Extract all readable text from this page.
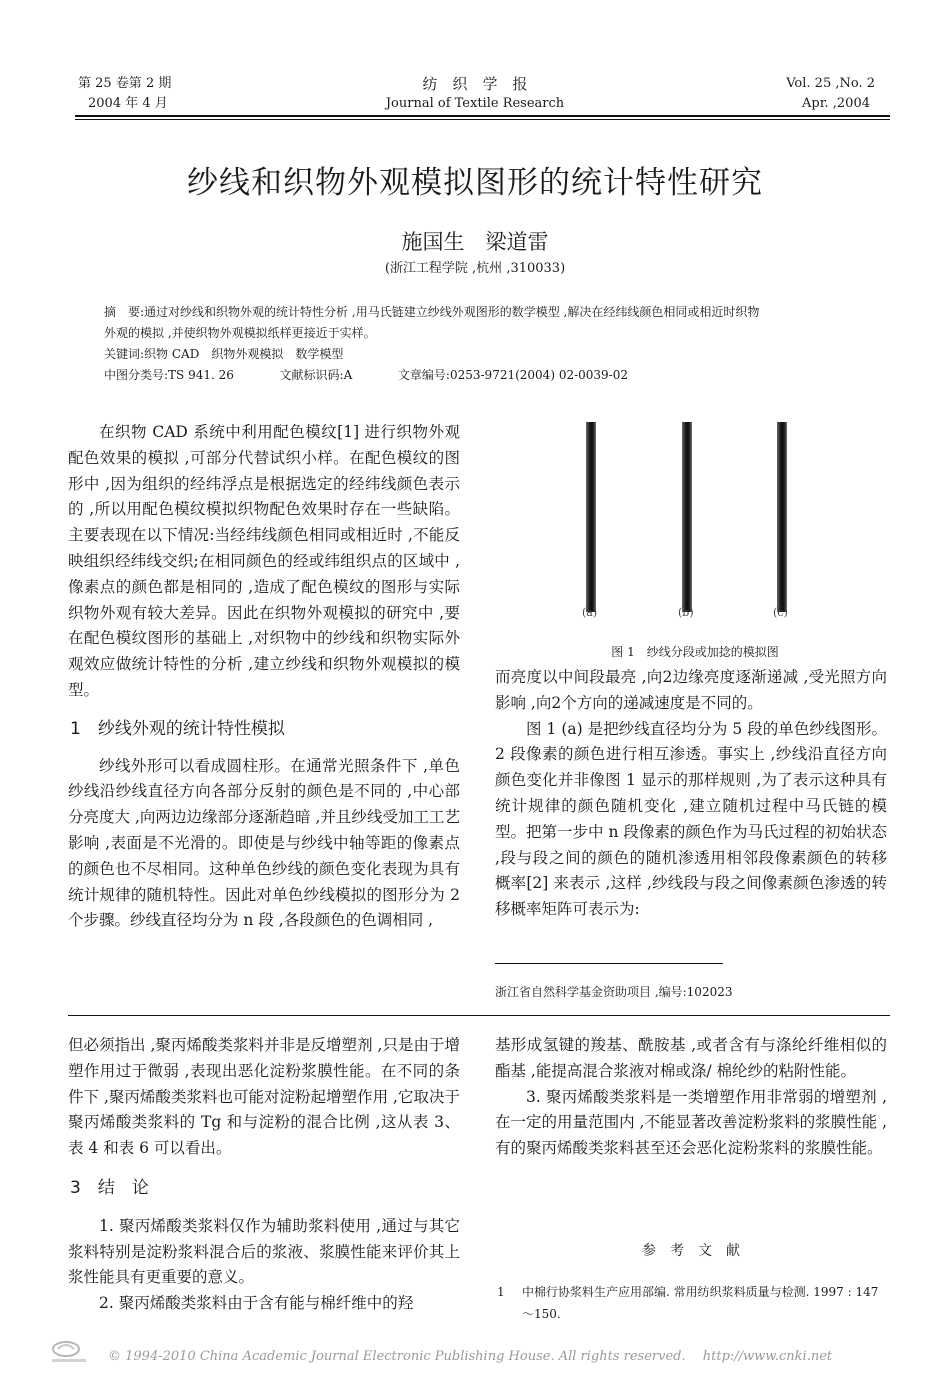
第 25 卷第 2 期
2004 年 4 月
纺　织　学　报
Journal of Textile Research
Vol. 25 ,No. 2
Apr. ,2004
纱线和织物外观模拟图形的统计特性研究
施国生　梁道雷
(浙江工程学院 ,杭州 ,310033)
摘　要:通过对纱线和织物外观的统计特性分析 ,用马氏链建立纱线外观图形的数学模型 ,解决在经纬线颜色相同或相近时织物
外观的模拟 ,并使织物外观模拟纸样更接近于实样。
关键词:织物 CAD　织物外观模拟　数学模型
中图分类号:TS 941. 26	文献标识码:A	文章编号:0253-9721(2004) 02-0039-02

在织物 CAD 系统中利用配色模纹[1] 进行织物外观配色效果的模拟 ,可部分代替试织小样。在配色模纹的图形中 ,因为组织的经纬浮点是根据选定的经纬线颜色表示的 ,所以用配色模纹模拟织物配色效果时存在一些缺陷。主要表现在以下情况:当经纬线颜色相同或相近时 ,不能反映组织经纬线交织;在相同颜色的经或纬组织点的区域中 ,像素点的颜色都是相同的 ,造成了配色模纹的图形与实际织物外观有较大差异。因此在织物外观模拟的研究中 ,要在配色模纹图形的基础上 ,对织物中的纱线和织物实际外观效应做统计特性的分析 ,建立纱线和织物外观模拟的模型。

1　纱线外观的统计特性模拟

纱线外形可以看成圆柱形。在通常光照条件下 ,单色纱线沿纱线直径方向各部分反射的颜色是不同的 ,中心部分亮度大 ,向两边边缘部分逐渐趋暗 ,并且纱线受加工工艺影响 ,表面是不光滑的。即使是与纱线中轴等距的像素点的颜色也不尽相同。这种单色纱线的颜色变化表现为具有统计规律的随机特性。因此对单色纱线模拟的图形分为 2 个步骤。纱线直径均分为 n 段 ,各段颜色的色调相同 ,

(a)	(b)	(c)
图 1　纱线分段或加捻的模拟图

而亮度以中间段最亮 ,向2边缘亮度逐渐递减 ,受光照方向影响 ,向2个方向的递减速度是不同的。

图 1 (a) 是把纱线直径均分为 5 段的单色纱线图形。2 段像素的颜色进行相互渗透。事实上 ,纱线沿直径方向颜色变化并非像图 1 显示的那样规则 ,为了表示这种具有统计规律的颜色随机变化 ,建立随机过程中马氏链的模型。把第一步中 n 段像素的颜色作为马氏过程的初始状态 ,段与段之间的颜色的随机渗透用相邻段像素颜色的转移概率[2] 来表示 ,这样 ,纱线段与段之间像素颜色渗透的转移概率矩阵可表示为:

浙江省自然科学基金资助项目 ,编号:102023

但必须指出 ,聚丙烯酸类浆料并非是反增塑剂 ,只是由于增塑作用过于微弱 ,表现出恶化淀粉浆膜性能。在不同的条件下 ,聚丙烯酸类浆料也可能对淀粉起增塑作用 ,它取决于聚丙烯酸类浆料的 Tg 和与淀粉的混合比例 ,这从表 3、表 4 和表 6 可以看出。

3　结　论

1. 聚丙烯酸类浆料仅作为辅助浆料使用 ,通过与其它浆料特别是淀粉浆料混合后的浆液、浆膜性能来评价其上浆性能具有更重要的意义。

2. 聚丙烯酸类浆料由于含有能与棉纤维中的羟

基形成氢键的羧基、酰胺基 ,或者含有与涤纶纤维相似的酯基 ,能提高混合浆液对棉或涤/ 棉纶纱的粘附性能。

3. 聚丙烯酸类浆料是一类增塑作用非常弱的增塑剂 ,在一定的用量范围内 ,不能显著改善淀粉浆料的浆膜性能 ,有的聚丙烯酸类浆料甚至还会恶化淀粉浆料的浆膜性能。

参　考　文　献
1 中棉行协浆料生产应用部编. 常用纺织浆料质量与检测. 1997 : 147～150.
© 1994-2010 China Academic Journal Electronic Publishing House. All rights reserved.　 http://www.cnki.net
